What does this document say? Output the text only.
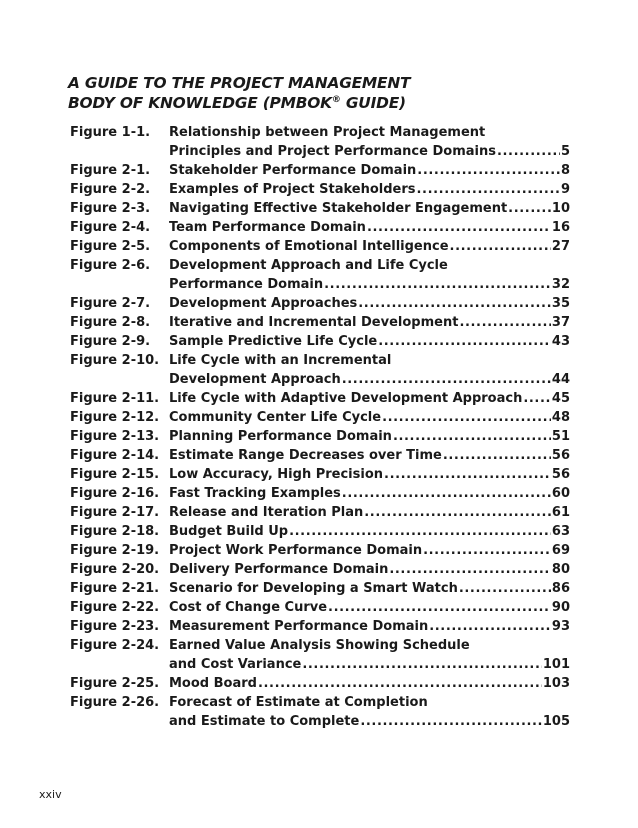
A GUIDE TO THE PROJECT MANAGEMENT
BODY OF KNOWLEDGE (PMBOK® GUIDE)
Figure 1-1. Relationship between Project Management
Principles and Project Performance Domains .....	5
Figure 2-1. Stakeholder Performance Domain .....	8
Figure 2-2. Examples of Project Stakeholders .....	9
Figure 2-3. Navigating Effective Stakeholder Engagement .....	10
Figure 2-4. Team Performance Domain .....	16
Figure 2-5. Components of Emotional Intelligence .....	27
Figure 2-6. Development Approach and Life Cycle
Performance Domain .....	32
Figure 2-7. Development Approaches .....	35
Figure 2-8. Iterative and Incremental Development .....	37
Figure 2-9. Sample Predictive Life Cycle .....	43
Figure 2-10. Life Cycle with an Incremental
Development Approach .....	44
Figure 2-11. Life Cycle with Adaptive Development Approach ..... 45
Figure 2-12. Community Center Life Cycle .....	48
Figure 2-13. Planning Performance Domain .....	51
Figure 2-14. Estimate Range Decreases over Time .....	56
Figure 2-15. Low Accuracy, High Precision .....	56
Figure 2-16. Fast Tracking Examples .....	60
Figure 2-17. Release and Iteration Plan .....	61
Figure 2-18. Budget Build Up .....	63
Figure 2-19. Project Work Performance Domain .....	69
Figure 2-20. Delivery Performance Domain .....	80
Figure 2-21. Scenario for Developing a Smart Watch .....	86
Figure 2-22. Cost of Change Curve .....	90
Figure 2-23. Measurement Performance Domain .....	93
Figure 2-24. Earned Value Analysis Showing Schedule
and Cost Variance .....	101
Figure 2-25. Mood Board .....	103
Figure 2-26. Forecast of Estimate at Completion
and Estimate to Complete .....	105
xxiv
